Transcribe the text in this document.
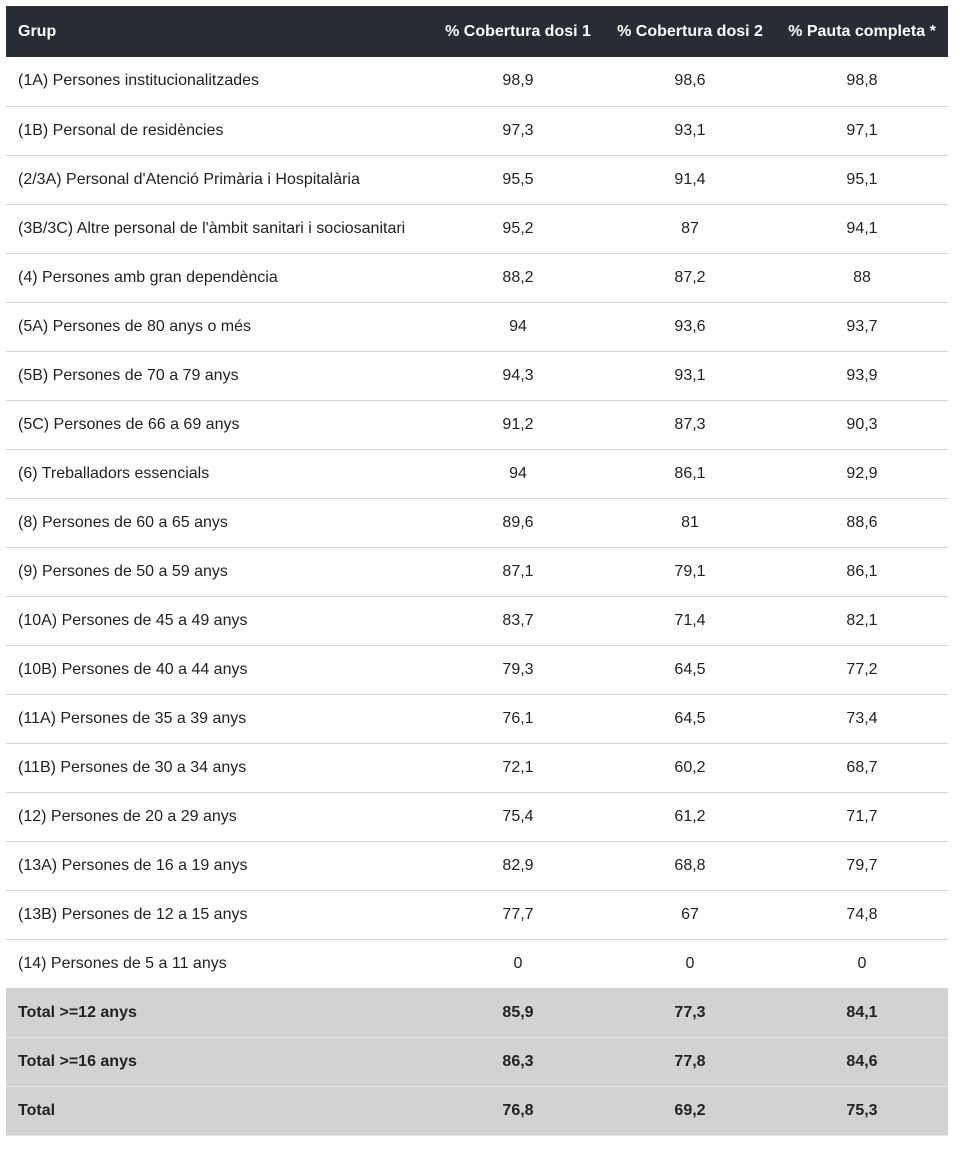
Grup	% Cobertura dosi 1	% Cobertura dosi 2	% Pauta completa *
(1A) Persones institucionalitzades	98,9	98,6	98,8
(1B) Personal de residències	97,3	93,1	97,1
(2/3A) Personal d'Atenció Primària i Hospitalària	95,5	91,4	95,1
(3B/3C) Altre personal de l'àmbit sanitari i sociosanitari	95,2	87	94,1
(4) Persones amb gran dependència	88,2	87,2	88
(5A) Persones de 80 anys o més	94	93,6	93,7
(5B) Persones de 70 a 79 anys	94,3	93,1	93,9
(5C) Persones de 66 a 69 anys	91,2	87,3	90,3
(6) Treballadors essencials	94	86,1	92,9
(8) Persones de 60 a 65 anys	89,6	81	88,6
(9) Persones de 50 a 59 anys	87,1	79,1	86,1
(10A) Persones de 45 a 49 anys	83,7	71,4	82,1
(10B) Persones de 40 a 44 anys	79,3	64,5	77,2
(11A) Persones de 35 a 39 anys	76,1	64,5	73,4
(11B) Persones de 30 a 34 anys	72,1	60,2	68,7
(12) Persones de 20 a 29 anys	75,4	61,2	71,7
(13A) Persones de 16 a 19 anys	82,9	68,8	79,7
(13B) Persones de 12 a 15 anys	77,7	67	74,8
(14) Persones de 5 a 11 anys	0	0	0
Total >=12 anys	85,9	77,3	84,1
Total >=16 anys	86,3	77,8	84,6
Total	76,8	69,2	75,3
